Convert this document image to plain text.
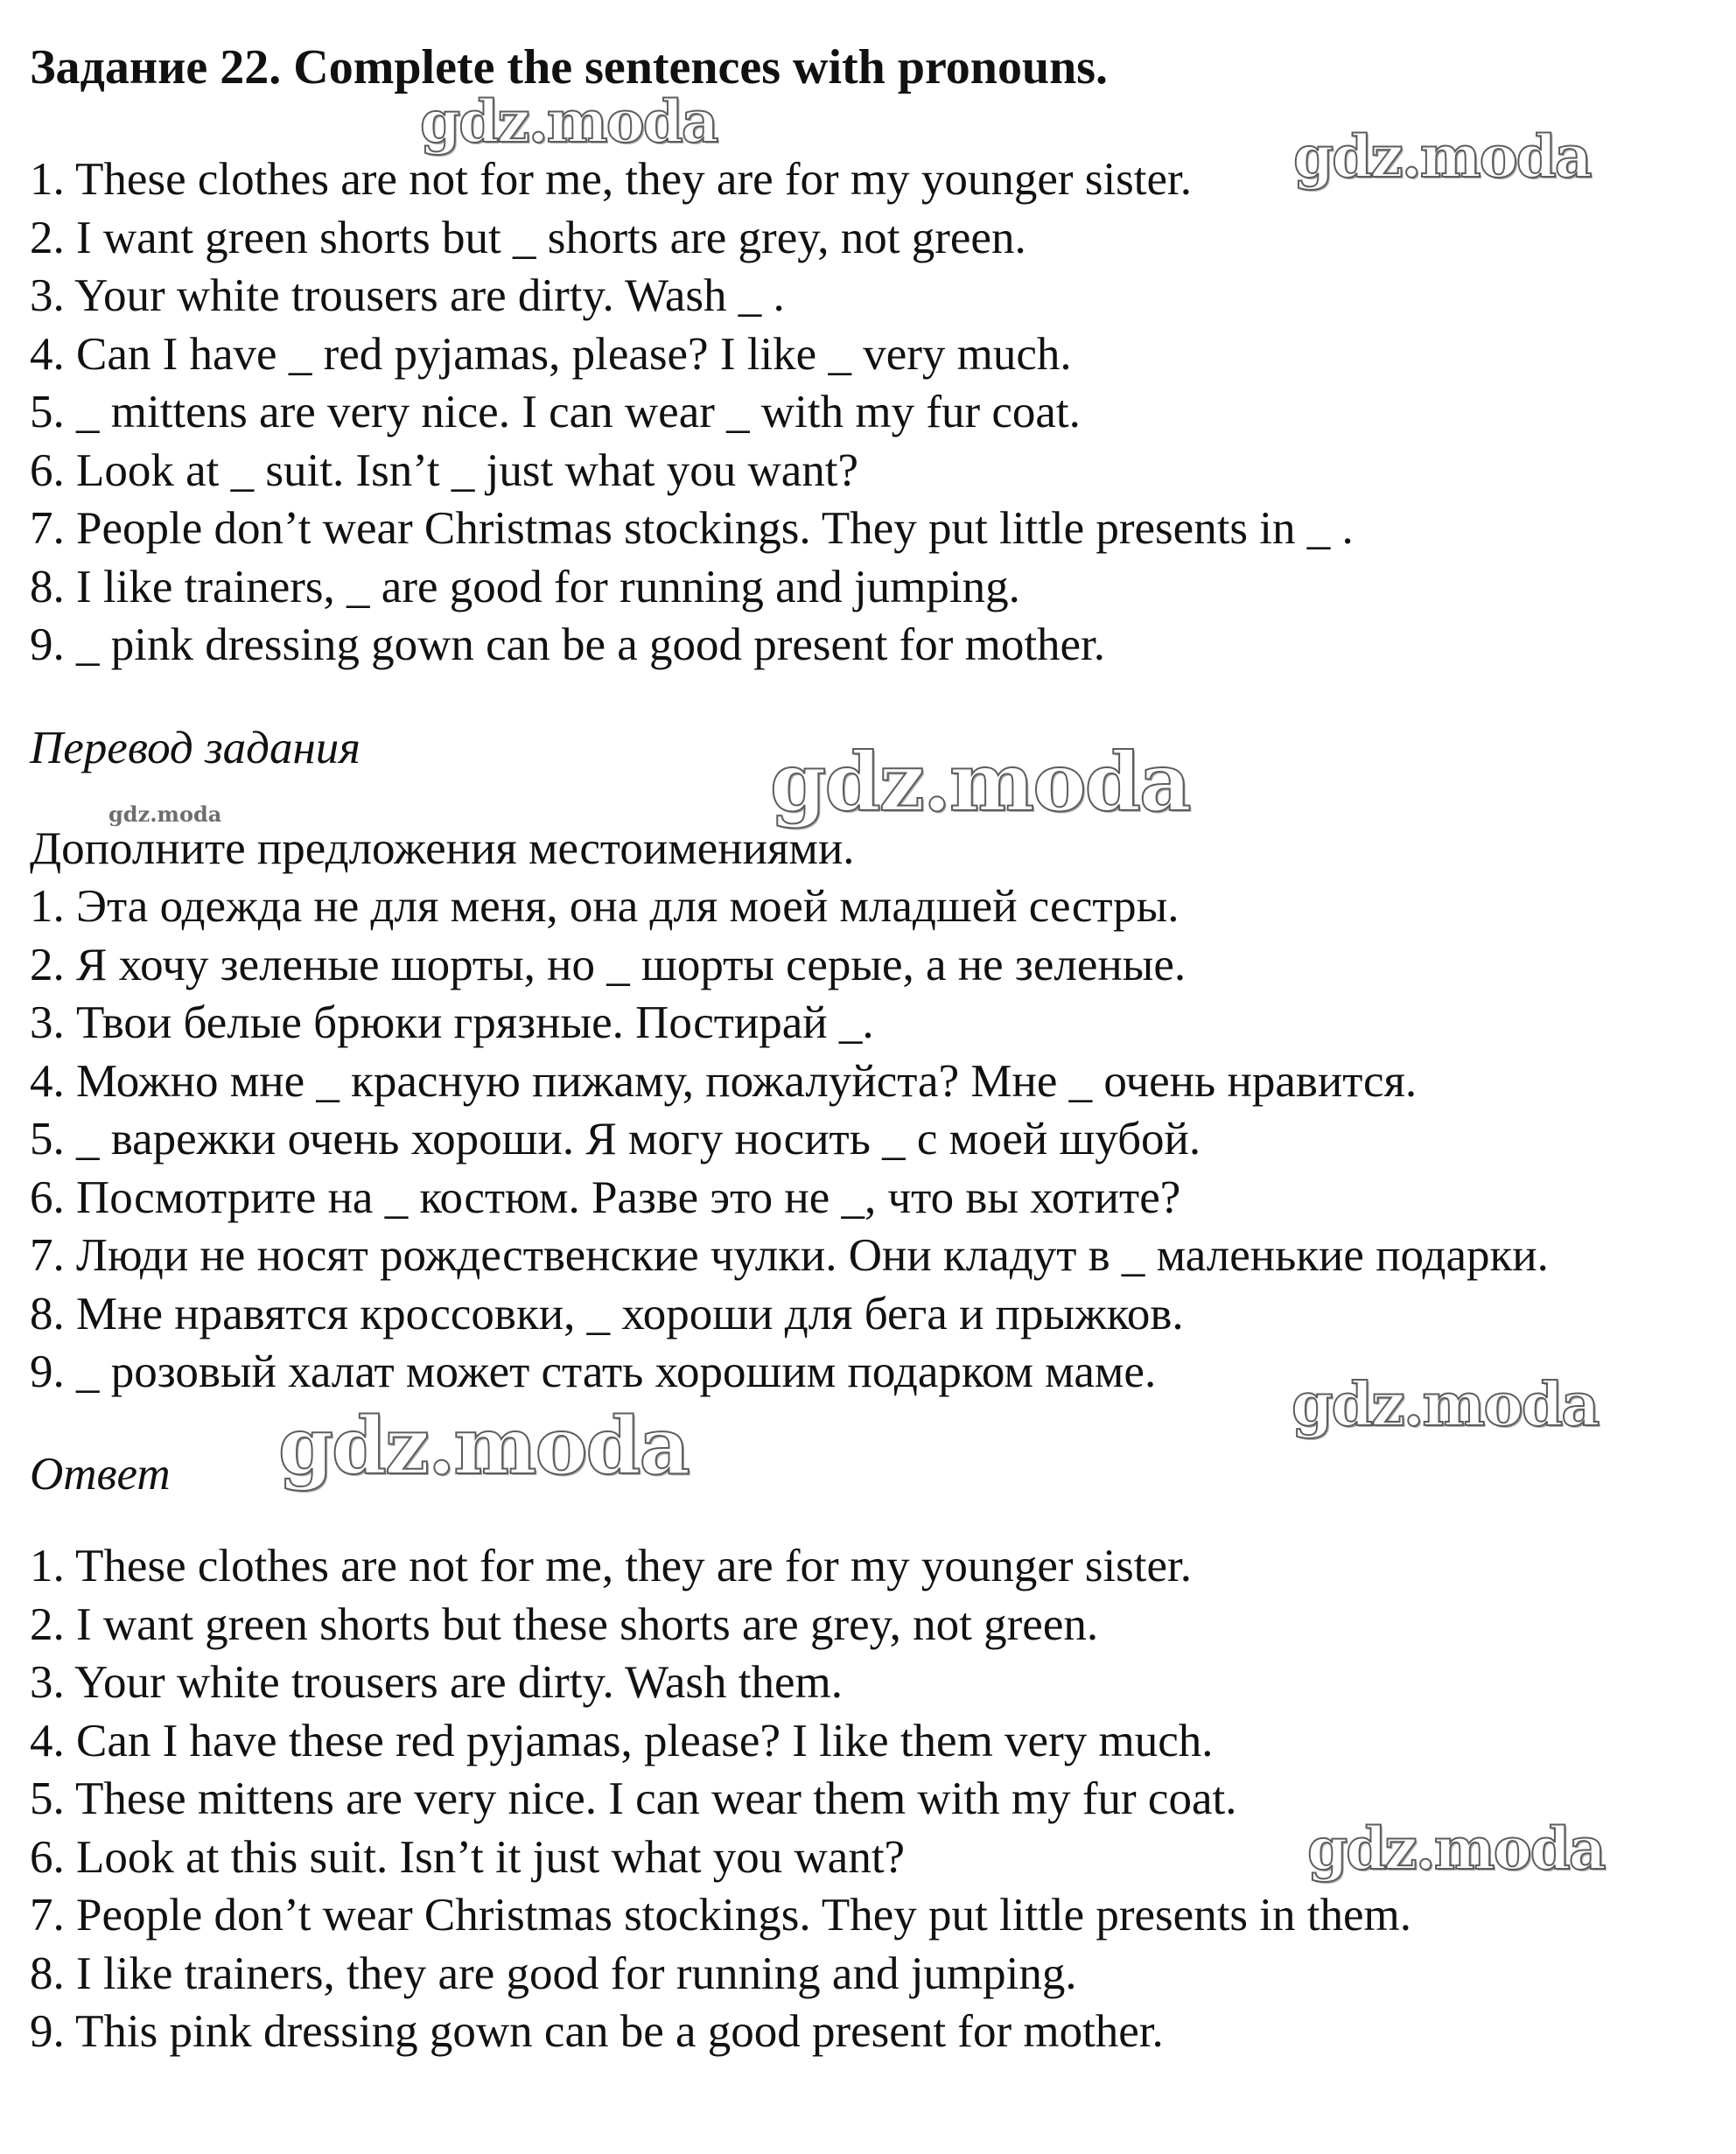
Задание 22. Complete the sentences with pronouns.
1. These clothes are not for me, they are for my younger sister.
2. I want green shorts but _ shorts are grey, not green.
3. Your white trousers are dirty. Wash _ .
4. Can I have _ red pyjamas, please? I like _ very much.
5. _ mittens are very nice. I can wear _ with my fur coat.
6. Look at _ suit. Isn’t _ just what you want?
7. People don’t wear Christmas stockings. They put little presents in _ .
8. I like trainers, _ are good for running and jumping.
9. _ pink dressing gown can be a good present for mother.
Перевод задания
Дополните предложения местоимениями.
1. Эта одежда не для меня, она для моей младшей сестры.
2. Я хочу зеленые шорты, но _ шорты серые, а не зеленые.
3. Твои белые брюки грязные. Постирай _.
4. Можно мне _ красную пижаму, пожалуйста? Мне _ очень нравится.
5. _ варежки очень хороши. Я могу носить _ с моей шубой.
6. Посмотрите на _ костюм. Разве это не _, что вы хотите?
7. Люди не носят рождественские чулки. Они кладут в _ маленькие подарки.
8. Мне нравятся кроссовки, _ хороши для бега и прыжков.
9. _ розовый халат может стать хорошим подарком маме.
Ответ
1. These clothes are not for me, they are for my younger sister.
2. I want green shorts but these shorts are grey, not green.
3. Your white trousers are dirty. Wash them.
4. Can I have these red pyjamas, please? I like them very much.
5. These mittens are very nice. I can wear them with my fur coat.
6. Look at this suit. Isn’t it just what you want?
7. People don’t wear Christmas stockings. They put little presents in them.
8. I like trainers, they are good for running and jumping.
9. This pink dressing gown can be a good present for mother.
gdz.moda
gdz.moda
gdz.moda
gdz.moda
gdz.moda
gdz.moda
gdz.moda
